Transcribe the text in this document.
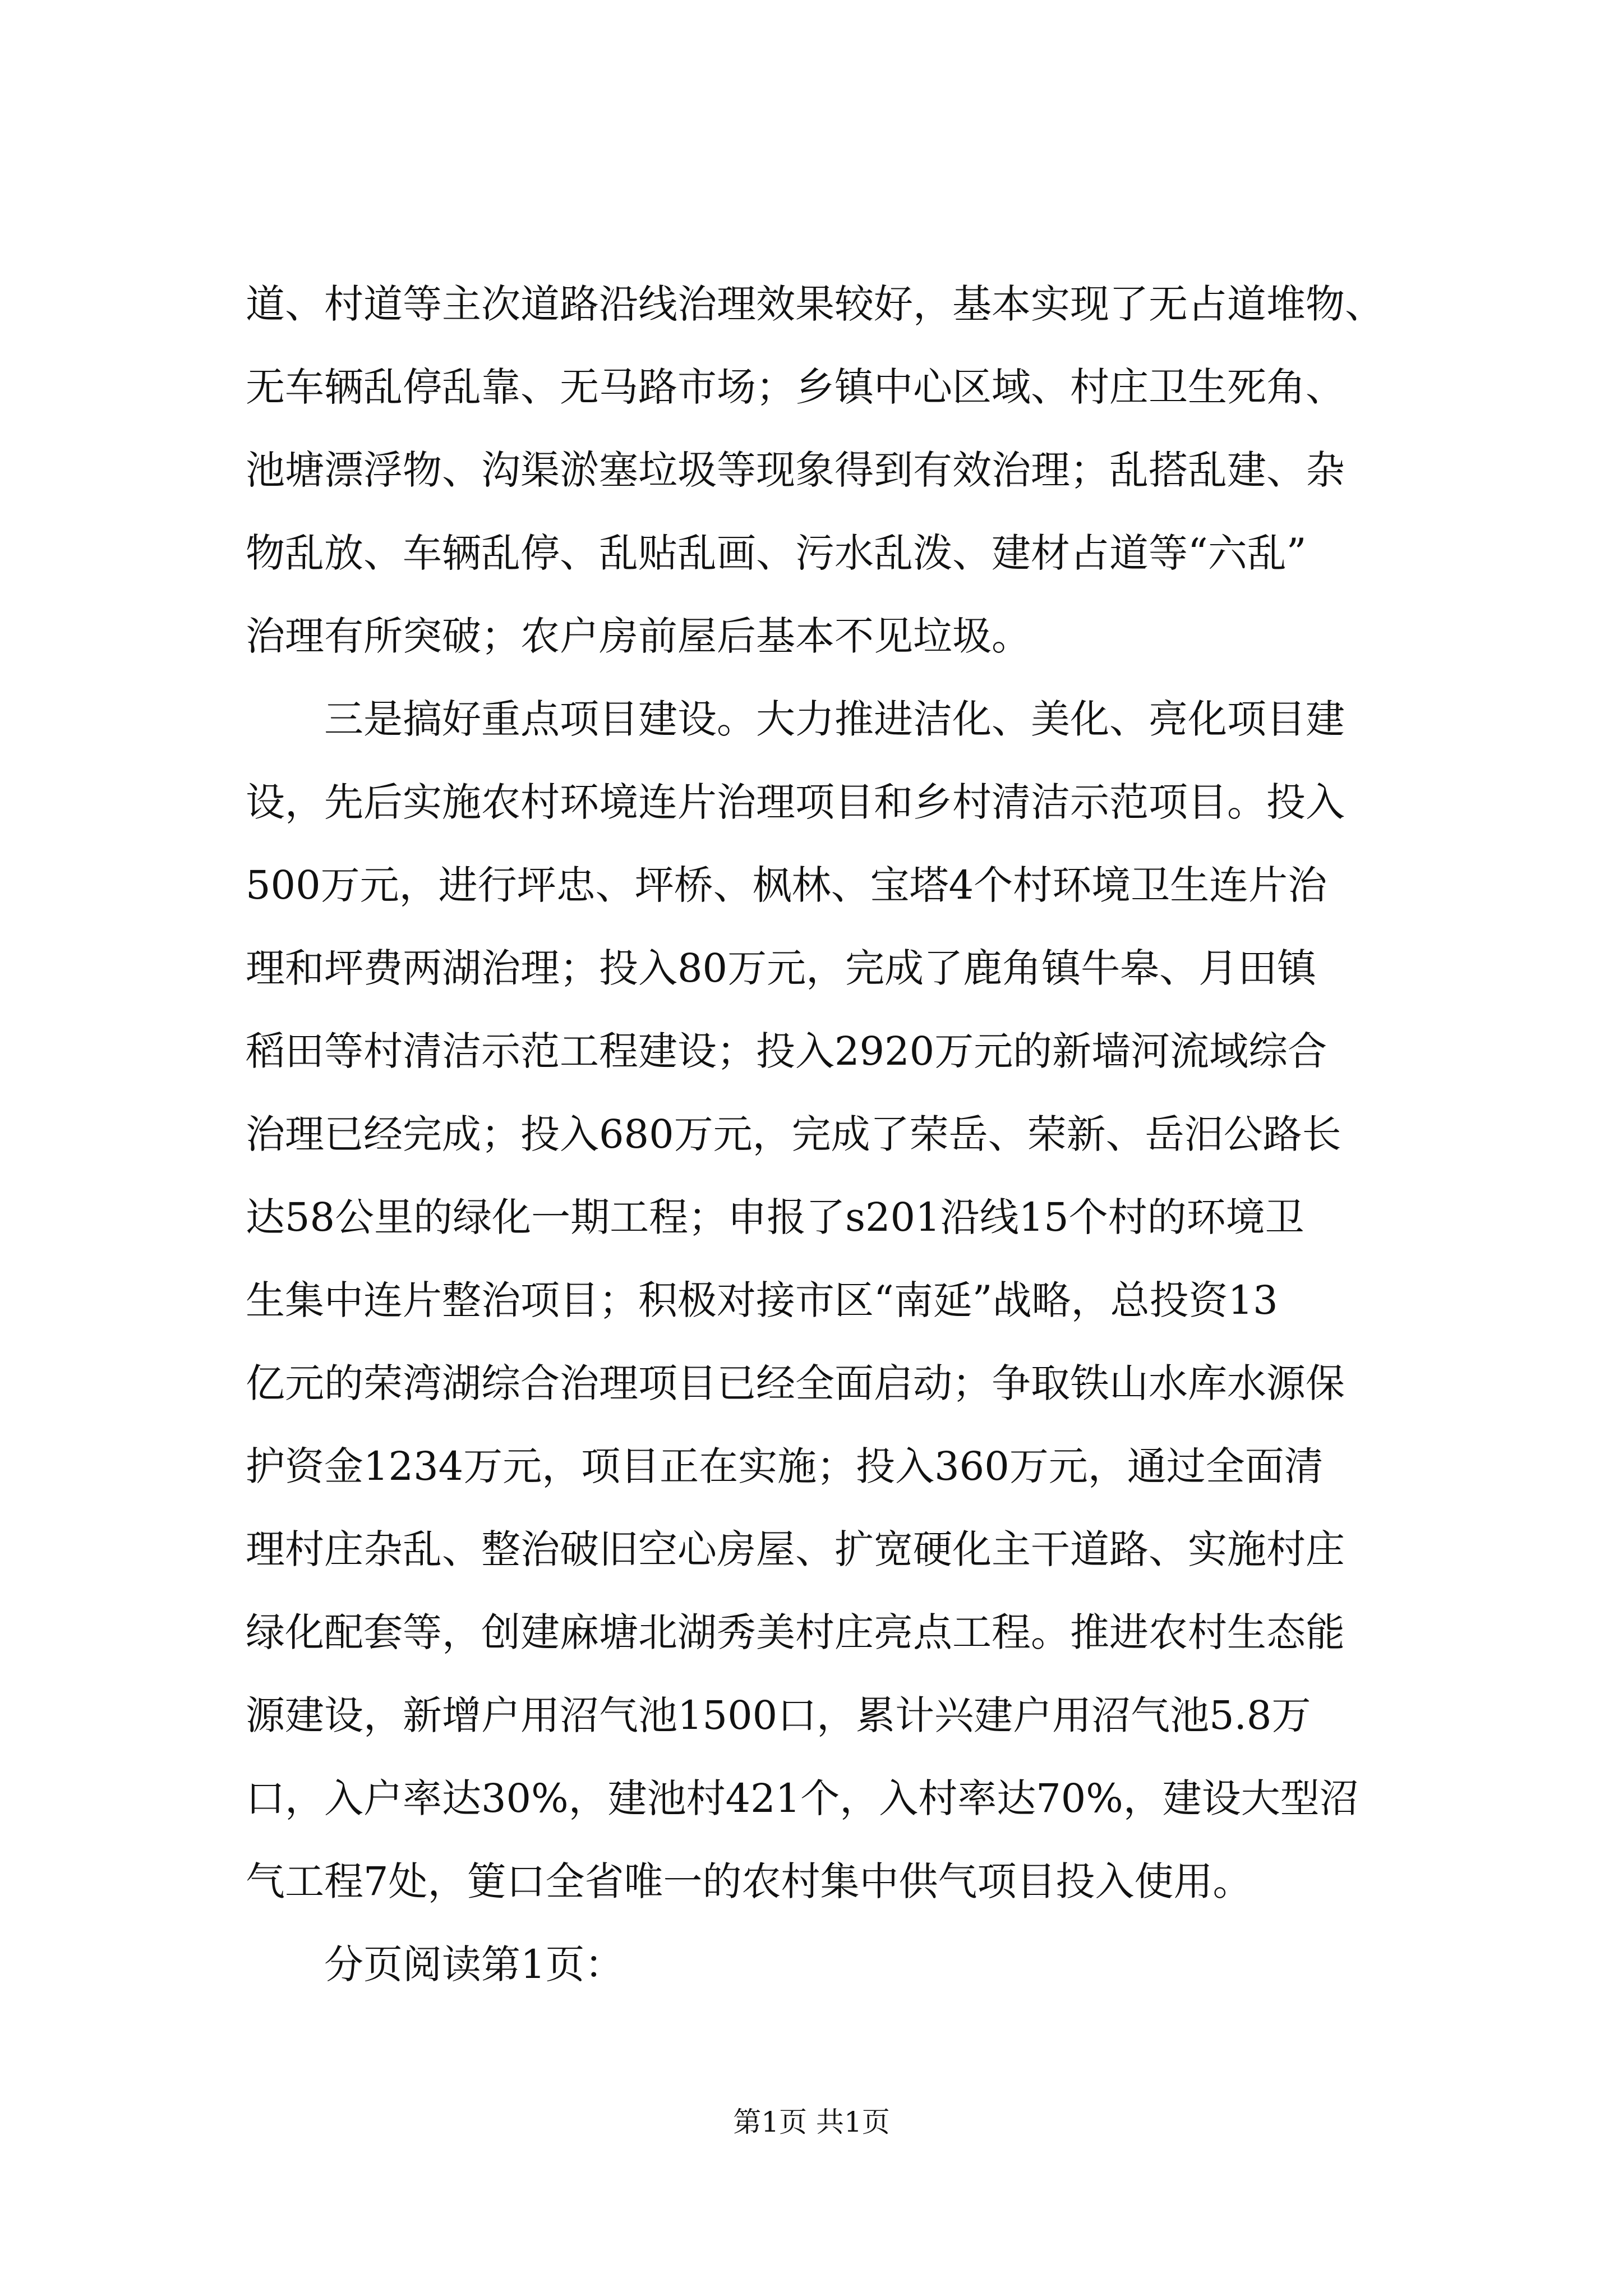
道、村道等主次道路沿线治理效果较好，基本实现了无占道堆物、
无车辆乱停乱靠、无马路市场；乡镇中心区域、村庄卫生死角、
池塘漂浮物、沟渠淤塞垃圾等现象得到有效治理；乱搭乱建、杂
物乱放、车辆乱停、乱贴乱画、污水乱泼、建材占道等“六乱”
治理有所突破；农户房前屋后基本不见垃圾。
三是搞好重点项目建设。大力推进洁化、美化、亮化项目建
设，先后实施农村环境连片治理项目和乡村清洁示范项目。投入
500万元，进行坪忠、坪桥、枫林、宝塔4个村环境卫生连片治
理和坪费两湖治理；投入80万元，完成了鹿角镇牛皋、月田镇
稻田等村清洁示范工程建设；投入2920万元的新墙河流域综合
治理已经完成；投入680万元，完成了荣岳、荣新、岳汨公路长
达58公里的绿化一期工程；申报了s201沿线15个村的环境卫
生集中连片整治项目；积极对接市区“南延”战略，总投资13
亿元的荣湾湖综合治理项目已经全面启动；争取铁山水库水源保
护资金1234万元，项目正在实施；投入360万元，通过全面清
理村庄杂乱、整治破旧空心房屋、扩宽硬化主干道路、实施村庄
绿化配套等，创建麻塘北湖秀美村庄亮点工程。推进农村生态能
源建设，新增户用沼气池1500口，累计兴建户用沼气池5.8万
口，入户率达30%，建池村421个，入村率达70%，建设大型沼
气工程7处，筻口全省唯一的农村集中供气项目投入使用。
分页阅读第1页：
第1页 共1页
